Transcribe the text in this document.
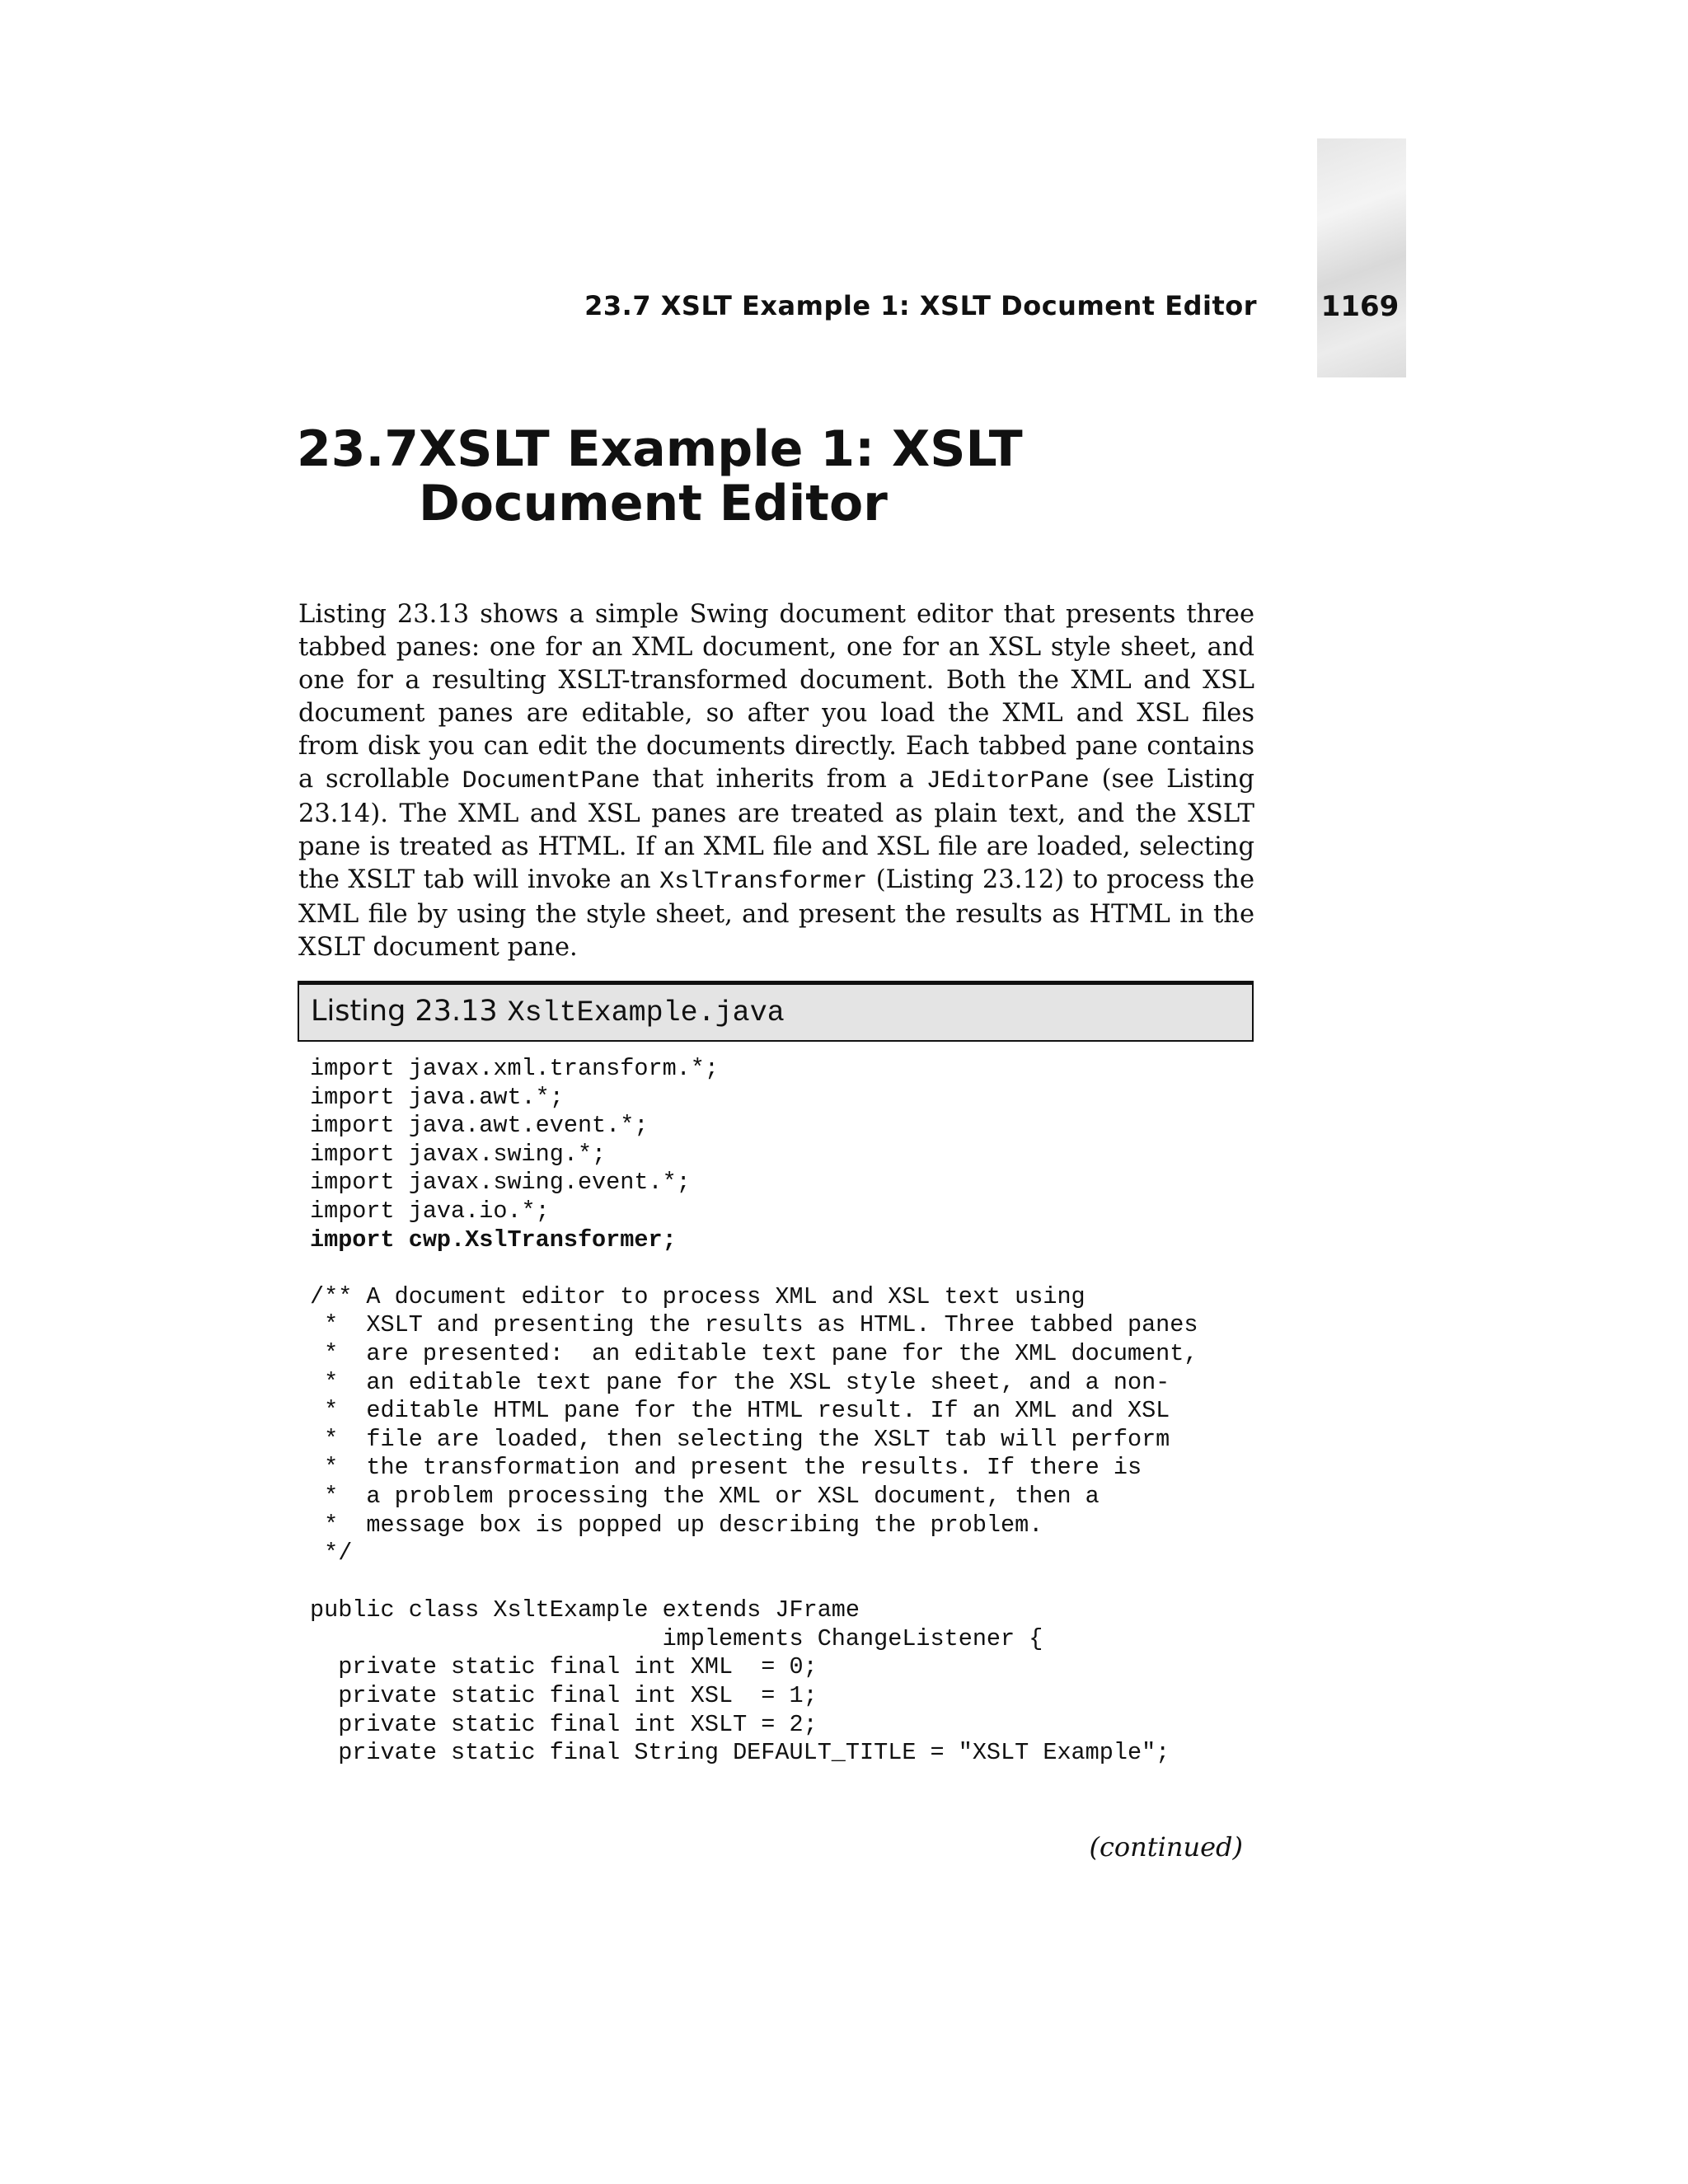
23.7 XSLT Example 1: XSLT Document Editor 1169
23.7 XSLT Example 1: XSLT
Document Editor
Listing 23.13 shows a simple Swing document editor that presents three tabbed panes: one for an XML document, one for an XSL style sheet, and one for a resulting XSLT-transformed document. Both the XML and XSL document panes are editable, so after you load the XML and XSL files from disk you can edit the documents directly. Each tabbed pane contains a scrollable DocumentPane that inherits from a JEditorPane (see Listing 23.14). The XML and XSL panes are treated as plain text, and the XSLT pane is treated as HTML. If an XML file and XSL file are loaded, selecting the XSLT tab will invoke an XslTransformer (Listing 23.12) to process the XML file by using the style sheet, and present the results as HTML in the XSLT document pane.
Listing 23.13 XsltExample.java
import javax.xml.transform.*;
import java.awt.*;
import java.awt.event.*;
import javax.swing.*;
import javax.swing.event.*;
import java.io.*;
import cwp.XslTransformer;

/** A document editor to process XML and XSL text using
*  XSLT and presenting the results as HTML. Three tabbed panes
*  are presented:  an editable text pane for the XML document,
*  an editable text pane for the XSL style sheet, and a non-
*  editable HTML pane for the HTML result. If an XML and XSL
*  file are loaded, then selecting the XSLT tab will perform
*  the transformation and present the results. If there is
*  a problem processing the XML or XSL document, then a
*  message box is popped up describing the problem.
*/

public class XsltExample extends JFrame
implements ChangeListener {
private static final int XML  = 0;
private static final int XSL  = 1;
private static final int XSLT = 2;
private static final String DEFAULT_TITLE = "XSLT Example";
(continued)
